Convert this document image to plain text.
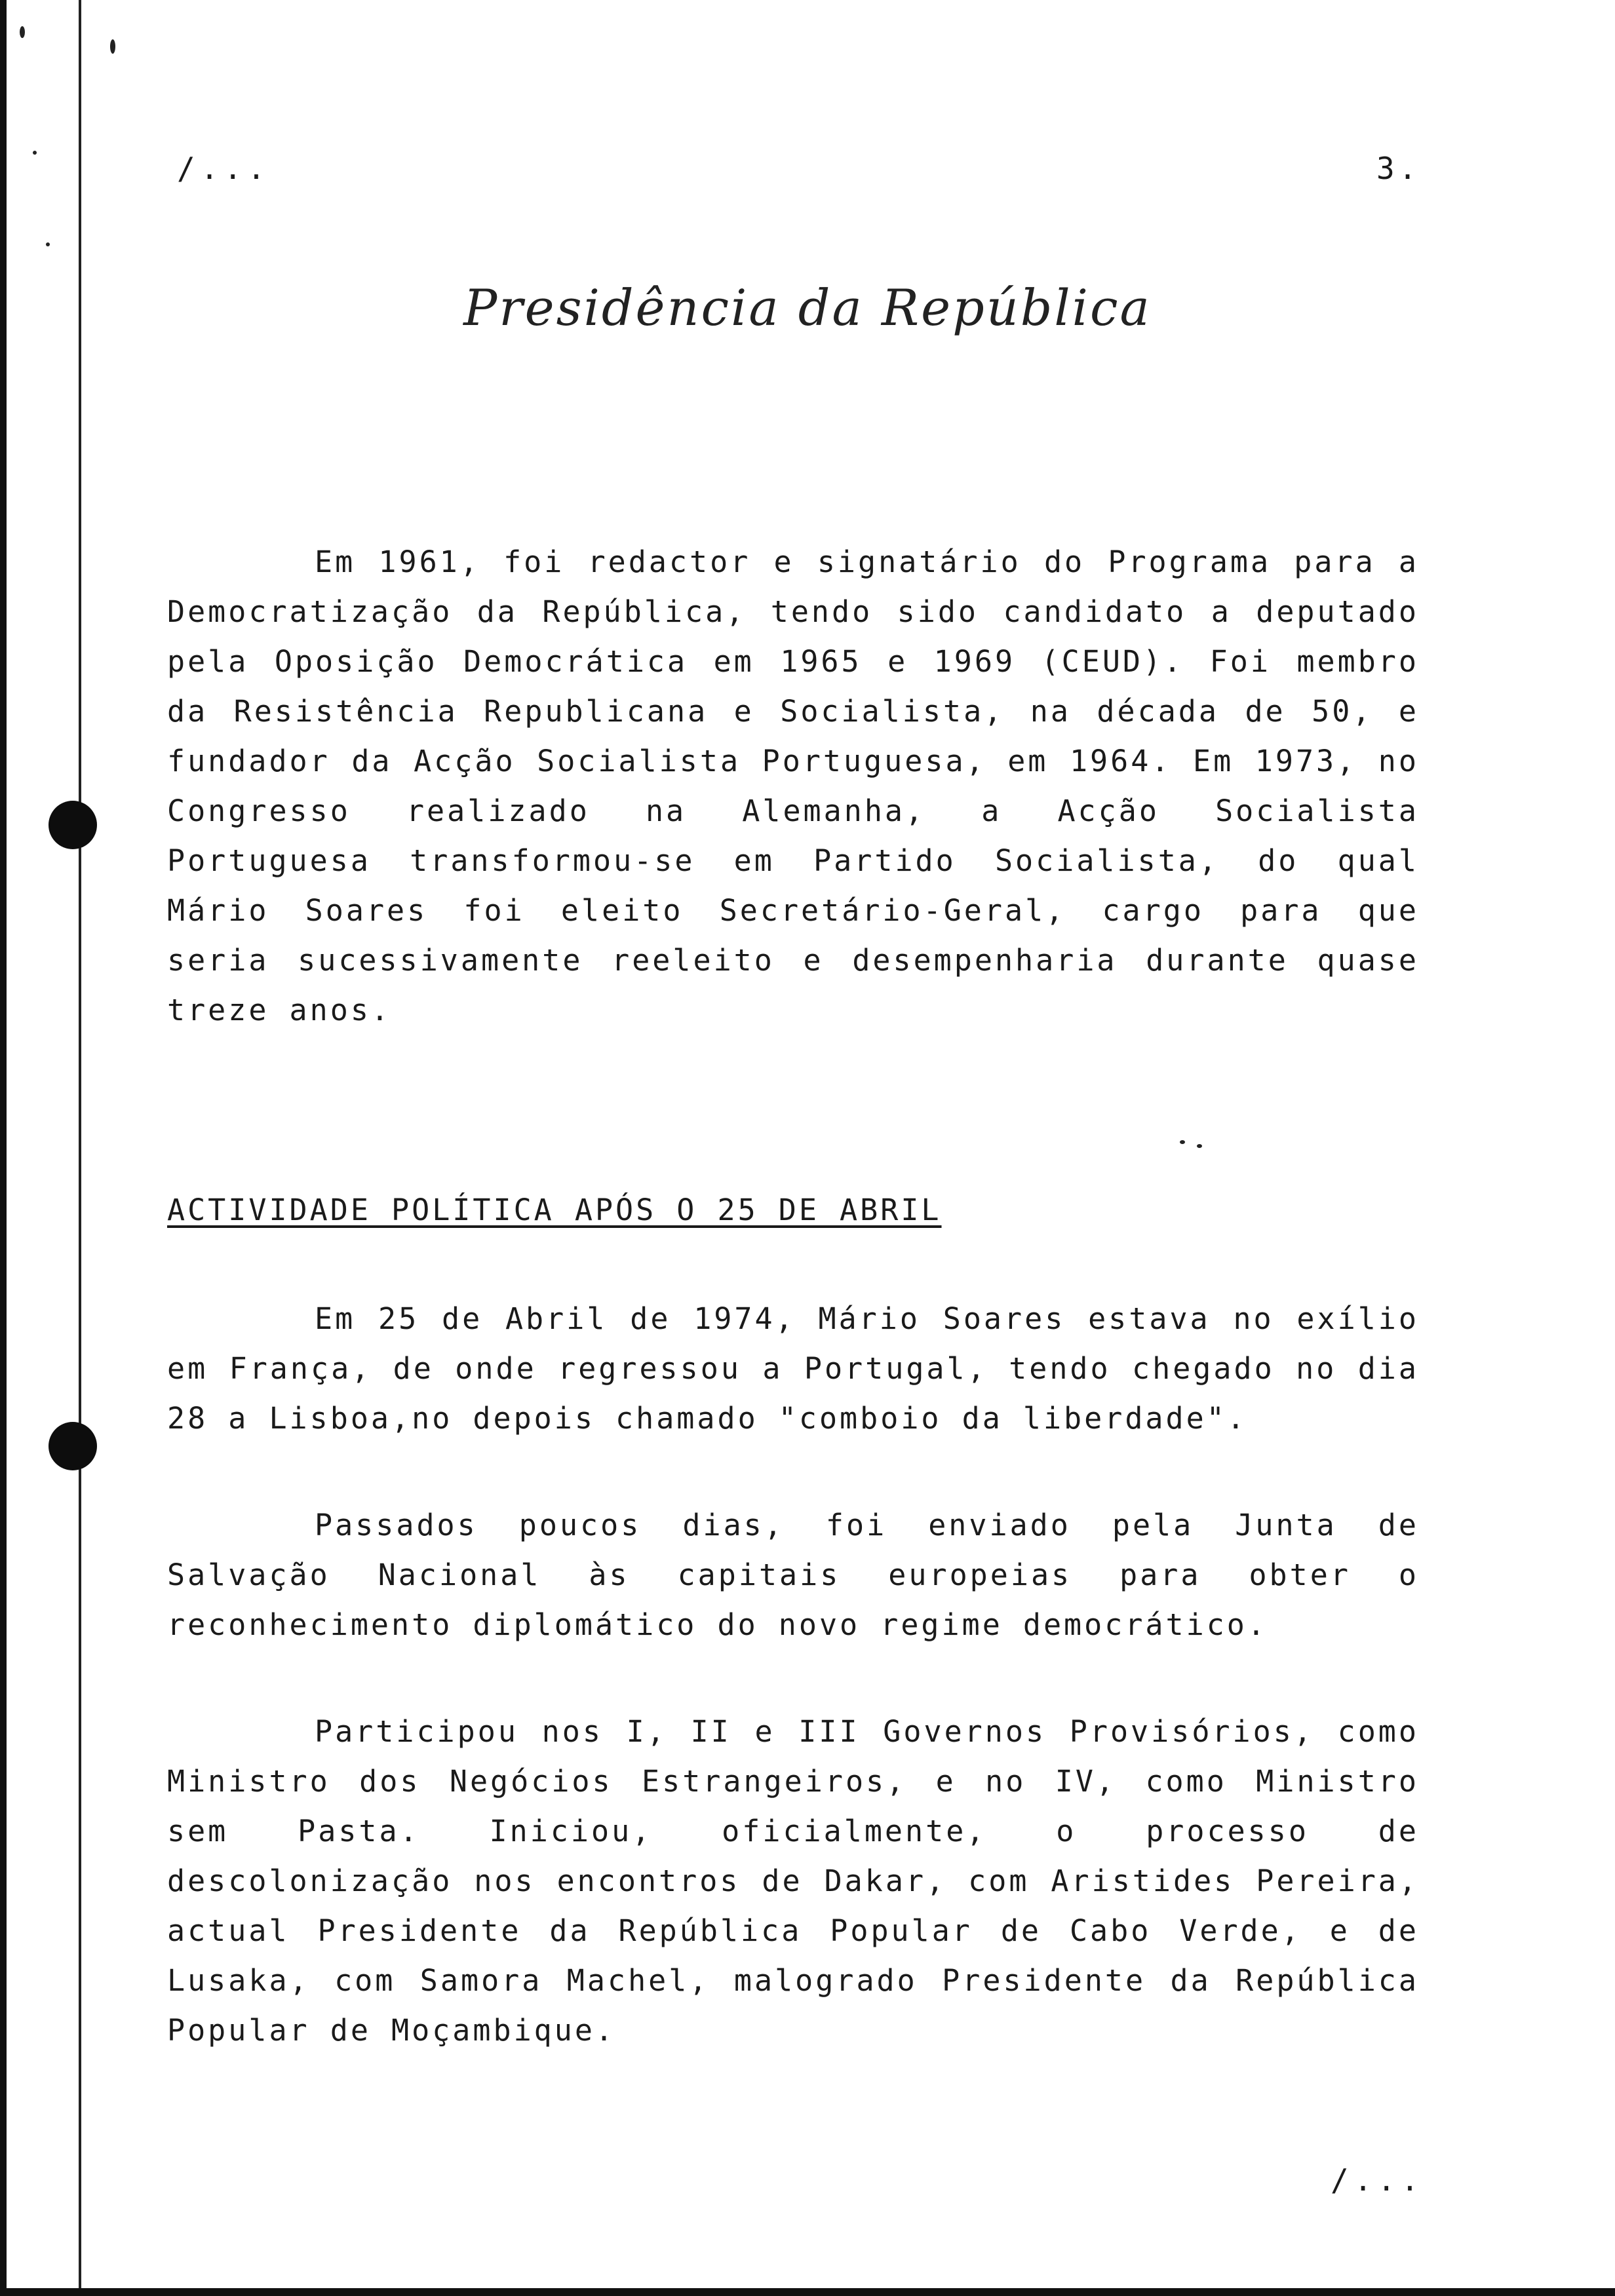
/...	3.
Presidência da República

Em 1961, foi redactor e signatário do Programa para a Democratização da República, tendo sido candidato a deputado pela Oposição Democrática em 1965 e 1969 (CEUD). Foi membro da Resistência Republicana e Socialista, na década de 50, e fundador da Acção Socialista Portuguesa, em 1964. Em 1973, no Congresso realizado na Alemanha, a Acção Socialista Portuguesa transformou-se em Partido Socialista, do qual Mário Soares foi eleito Secretário-Geral, cargo para que seria sucessivamente reeleito e desempenharia durante quase treze anos.

ACTIVIDADE POLÍTICA APÓS O 25 DE ABRIL

Em 25 de Abril de 1974, Mário Soares estava no exílio em França, de onde regressou a Portugal, tendo chegado no dia 28 a Lisboa,no depois chamado "comboio da liberdade".

Passados poucos dias, foi enviado pela Junta de Salvação Nacional às capitais europeias para obter o reconhecimento diplomático do novo regime democrático.

Participou nos I, II e III Governos Provisórios, como Ministro dos Negócios Estrangeiros, e no IV, como Ministro sem Pasta. Iniciou, oficialmente, o processo de descolonização nos encontros de Dakar, com Aristides Pereira, actual Presidente da República Popular de Cabo Verde, e de Lusaka, com Samora Machel, malogrado Presidente da República Popular de Moçambique.

/...
